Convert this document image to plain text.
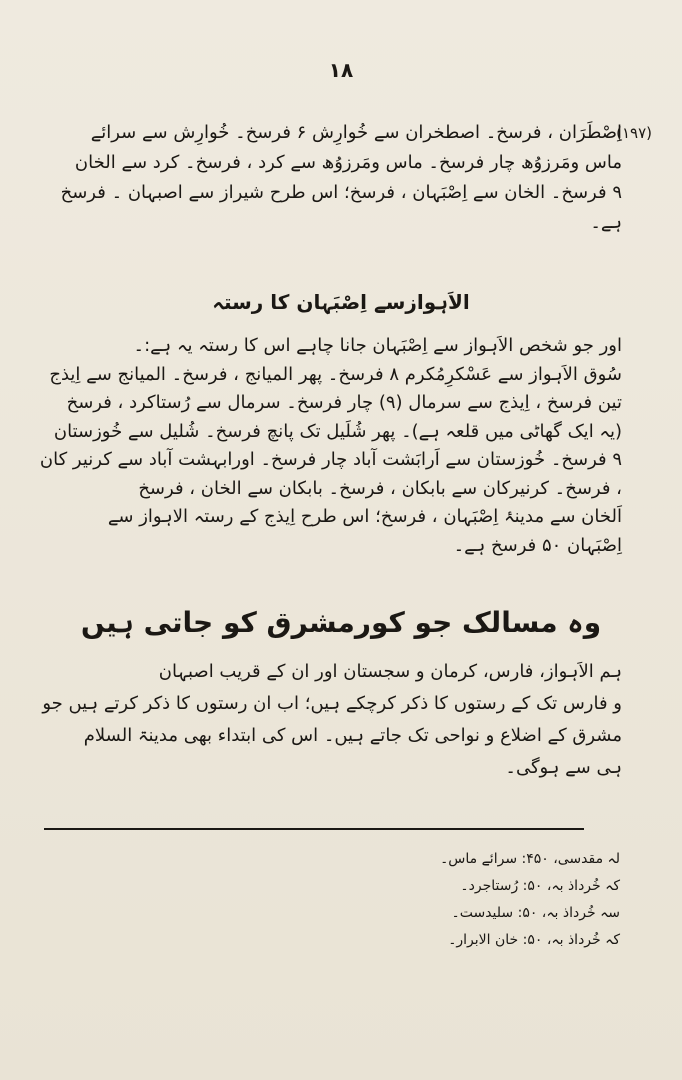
۱۸
اِصْطَرَان ، فرسخ۔ اصطخران سے خُوارِش ۶ فرسخ۔ خُوارِش سے سرائے
(۱۹۷)
ماس ومَرزوُھ چار فرسخ۔ ماس ومَرزوُھ سے کرد ، فرسخ۔ کرد سے الخان
۹ فرسخ۔ الخان سے اِصْبَہان ، فرسخ؛ اس طرح شیراز سے اصبہان ۔ فرسخ
ہے۔
الاَہوازسے اِصْبَہان کا رستہ
اور جو شخص الاَہواز سے اِصْبَہان جانا چاہے اس کا رستہ یہ ہے:۔
سُوق الاَہواز سے عَسْکرِمُکرم ۸ فرسخ۔ پھر المیانج ، فرسخ۔ المیانج سے اِیذج
تین فرسخ ، اِیذج سے سرمال (۹) چار فرسخ۔ سرمال سے رُستاکرد ، فرسخ
(یہ ایک گھاٹی میں قلعہ ہے)۔ پھر شُلَیل تک پانچ فرسخ۔ شُلیل سے خُوزستان
۹ فرسخ۔ خُوزستان سے اَرابَشت آباد چار فرسخ۔ اورابہشت آباد سے کرنیر کان
، فرسخ۔ کرنیرکان سے بابکان ، فرسخ۔ بابکان سے الخان ، فرسخ
اَلخان سے مدینۂ اِصْبَہان ، فرسخ؛ اس طرح اِیذج کے رستہ الاہواز سے
اِصْبَہان ۵۰ فرسخ ہے۔
وہ مسالک جو کورمشرق کو جاتی ہیں
ہم الاَہواز، فارس، کرمان و سجستان اور ان کے قریب اصبہان
و فارس تک کے رستوں کا ذکر کرچکے ہیں؛ اب ان رستوں کا ذکر کرتے ہیں جو
مشرق کے اضلاع و نواحی تک جاتے ہیں۔ اس کی ابتداء بھی مدینۃ السلام
ہی سے ہوگی۔
لہ مقدسی، ۴۵۰: سرائے ماس۔
کہ خُرداذ بہ، ۵۰: رُستاجرد۔
سہ خُرداذ بہ، ۵۰: سلیدست۔
کہ خُرداذ بہ، ۵۰: خان الابرار۔
